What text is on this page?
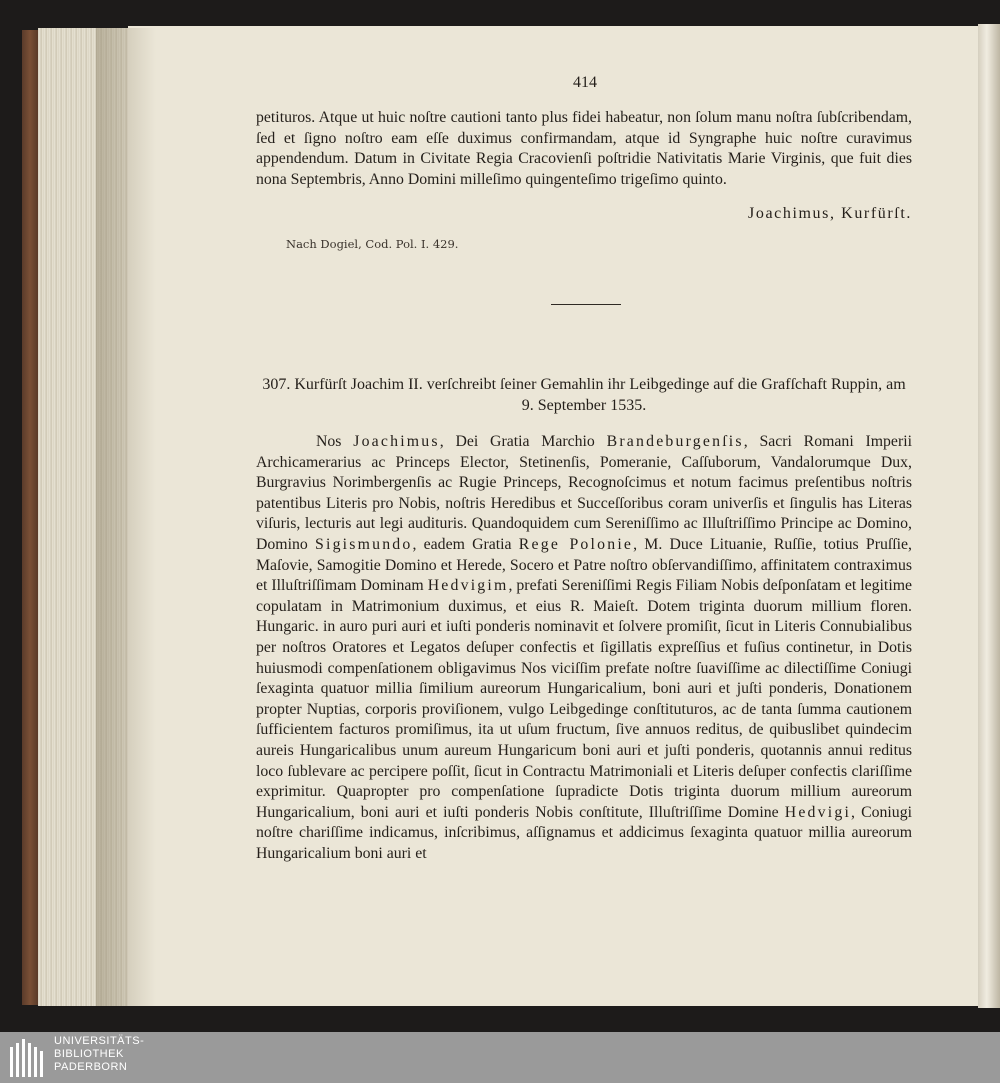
414
petituros. Atque ut huic noſtre cautioni tanto plus fidei habeatur, non ſolum manu noſtra ſubſcribendam, ſed et ſigno noſtro eam eſſe duximus confirmandam, atque id Syngraphe huic noſtre curavimus appendendum. Datum in Civitate Regia Cracovienſi poſtridie Nativitatis Marie Virginis, que fuit dies nona Septembris, Anno Domini milleſimo quingenteſimo trigeſimo quinto.
Joachimus, Kurfürſt.
Nach Dogiel, Cod. Pol. I. 429.
307. Kurfürſt Joachim II. verſchreibt ſeiner Gemahlin ihr Leibgedinge auf die Grafſchaft Ruppin, am 9. September 1535.
Nos Joachimus, Dei Gratia Marchio Brandeburgenſis, Sacri Romani Imperii Archicamerarius ac Princeps Elector, Stetinenſis, Pomeranie, Caſſuborum, Vandalorumque Dux, Burgravius Norimbergenſis ac Rugie Princeps, Recognoſcimus et notum facimus preſentibus noſtris patentibus Literis pro Nobis, noſtris Heredibus et Succeſſoribus coram univerſis et ſingulis has Literas viſuris, lecturis aut legi audituris. Quandoquidem cum Sereniſſimo ac Illuſtriſſimo Principe ac Domino, Domino Sigismundo, eadem Gratia Rege Polonie, M. Duce Lituanie, Ruſſie, totius Pruſſie, Maſovie, Samogitie Domino et Herede, Socero et Patre noſtro obſervandiſſimo, affinitatem contraximus et Illuſtriſſimam Dominam Hedvigim, prefati Sereniſſimi Regis Filiam Nobis deſponſatam et legitime copulatam in Matrimonium duximus, et eius R. Maieſt. Dotem triginta duorum millium floren. Hungaric. in auro puri auri et iuſti ponderis nominavit et ſolvere promiſit, ſicut in Literis Connubialibus per noſtros Oratores et Legatos deſuper confectis et ſigillatis expreſſius et fuſius continetur, in Dotis huiusmodi compenſationem obligavimus Nos viciſſim prefate noſtre ſuaviſſime ac dilectiſſime Coniugi ſexaginta quatuor millia ſimilium aureorum Hungaricalium, boni auri et juſti ponderis, Donationem propter Nuptias, corporis proviſionem, vulgo Leibgedinge conſtituturos, ac de tanta ſumma cautionem ſufficientem facturos promiſimus, ita ut uſum fructum, ſive annuos reditus, de quibuslibet quindecim aureis Hungaricalibus unum aureum Hungaricum boni auri et juſti ponderis, quotannis annui reditus loco ſublevare ac percipere poſſit, ſicut in Contractu Matrimoniali et Literis deſuper confectis clariſſime exprimitur. Quapropter pro compenſatione ſupradicte Dotis triginta duorum millium aureorum Hungaricalium, boni auri et iuſti ponderis Nobis conſtitute, Illuſtriſſime Domine Hedvigi, Coniugi noſtre chariſſime indicamus, inſcribimus, aſſignamus et addicimus ſexaginta quatuor millia aureorum Hungaricalium boni auri et
UNIVERSITÄTS-
BIBLIOTHEK
PADERBORN
